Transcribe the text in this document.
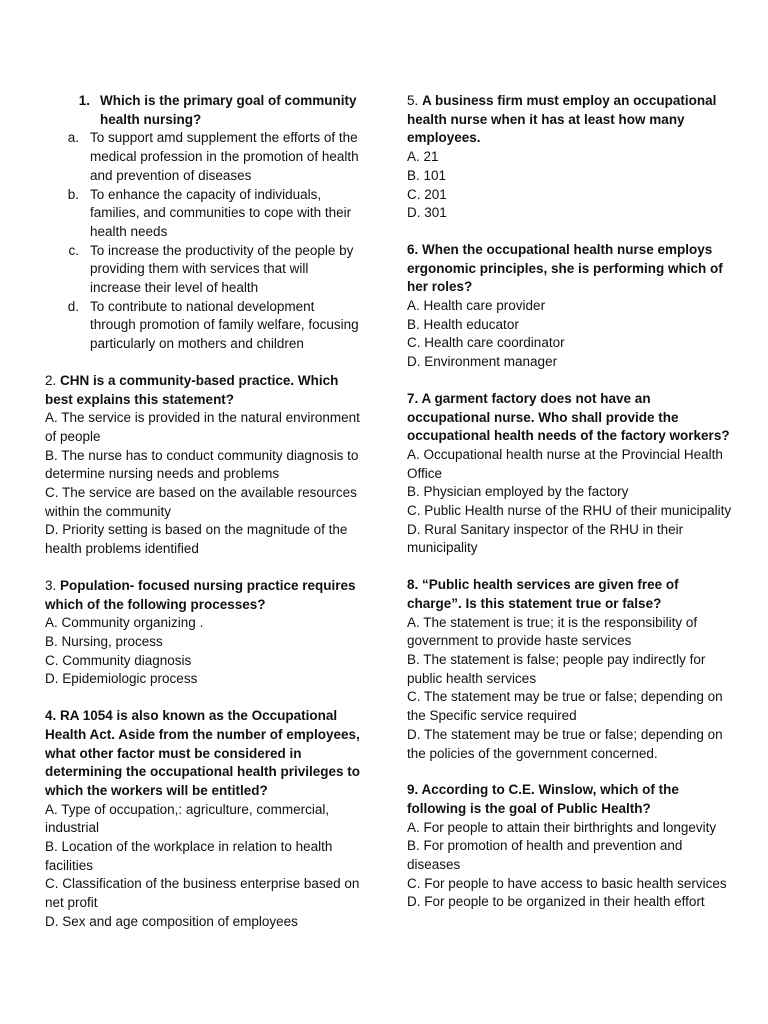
1. Which is the primary goal of community health nursing?
a. To support amd supplement the efforts of the medical profession in the promotion of health and prevention of diseases
b. To enhance the capacity of individuals, families, and communities to cope with their health needs
c. To increase the productivity of the people by providing them with services that will increase their level of health
d. To contribute to national development through promotion of family welfare, focusing particularly on mothers and children
2. CHN is a community-based practice. Which best explains this statement?
A. The service is provided in the natural environment of people
B. The nurse has to conduct community diagnosis to determine nursing needs and problems
C. The service are based on the available resources within the community
D. Priority setting is based on the magnitude of the health problems identified
3. Population- focused nursing practice requires which of the following processes?
A. Community organizing .
B. Nursing, process
C. Community diagnosis
D. Epidemiologic process
4. RA 1054 is also known as the Occupational Health Act. Aside from the number of employees, what other factor must be considered in determining the occupational health privileges to which the workers will be entitled?
A. Type of occupation,: agriculture, commercial, industrial
B. Location of the workplace in relation to health facilities
C. Classification of the business enterprise based on net profit
D. Sex and age composition of employees
5. A business firm must employ an occupational health nurse when it has at least how many employees.
A. 21
B. 101
C. 201
D. 301
6. When the occupational health nurse employs ergonomic principles, she is performing which of her roles?
A. Health care provider
B. Health educator
C. Health care coordinator
D. Environment manager
7. A garment factory does not have an occupational nurse. Who shall provide the occupational health needs of the factory workers?
A. Occupational health nurse at the Provincial Health Office
B. Physician employed by the factory
C. Public Health nurse of the RHU of their municipality
D. Rural Sanitary inspector of the RHU in their municipality
8. “Public health services are given free of charge”. Is this statement true or false?
A. The statement is true; it is the responsibility of government to provide haste services
B. The statement is false; people pay indirectly for public health services
C. The statement may be true or false; depending on the Specific service required
D. The statement may be true or false; depending on the policies of the government concerned.
9. According to C.E. Winslow, which of the following is the goal of Public Health?
A. For people to attain their birthrights and longevity
B. For promotion of health and prevention and diseases
C. For people to have access to basic health services
D. For people to be organized in their health effort
